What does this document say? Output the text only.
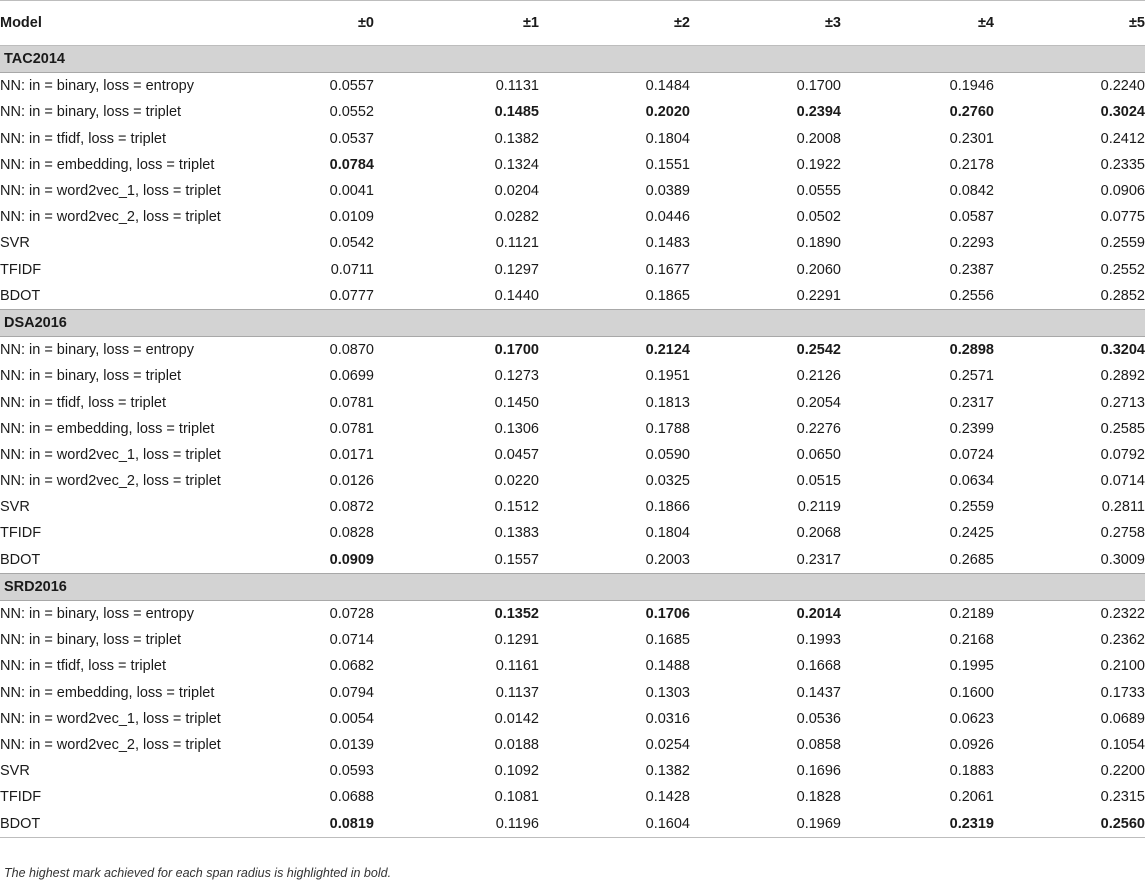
Model	±0	±1	±2	±3	±4	±5
TAC2014						
NN: in = binary, loss = entropy	0.0557	0.1131	0.1484	0.1700	0.1946	0.2240
NN: in = binary, loss = triplet	0.0552	0.1485	0.2020	0.2394	0.2760	0.3024
NN: in = tfidf, loss = triplet	0.0537	0.1382	0.1804	0.2008	0.2301	0.2412
NN: in = embedding, loss = triplet	0.0784	0.1324	0.1551	0.1922	0.2178	0.2335
NN: in = word2vec_1, loss = triplet	0.0041	0.0204	0.0389	0.0555	0.0842	0.0906
NN: in = word2vec_2, loss = triplet	0.0109	0.0282	0.0446	0.0502	0.0587	0.0775
SVR	0.0542	0.1121	0.1483	0.1890	0.2293	0.2559
TFIDF	0.0711	0.1297	0.1677	0.2060	0.2387	0.2552
BDOT	0.0777	0.1440	0.1865	0.2291	0.2556	0.2852
DSA2016						
NN: in = binary, loss = entropy	0.0870	0.1700	0.2124	0.2542	0.2898	0.3204
NN: in = binary, loss = triplet	0.0699	0.1273	0.1951	0.2126	0.2571	0.2892
NN: in = tfidf, loss = triplet	0.0781	0.1450	0.1813	0.2054	0.2317	0.2713
NN: in = embedding, loss = triplet	0.0781	0.1306	0.1788	0.2276	0.2399	0.2585
NN: in = word2vec_1, loss = triplet	0.0171	0.0457	0.0590	0.0650	0.0724	0.0792
NN: in = word2vec_2, loss = triplet	0.0126	0.0220	0.0325	0.0515	0.0634	0.0714
SVR	0.0872	0.1512	0.1866	0.2119	0.2559	0.2811
TFIDF	0.0828	0.1383	0.1804	0.2068	0.2425	0.2758
BDOT	0.0909	0.1557	0.2003	0.2317	0.2685	0.3009
SRD2016						
NN: in = binary, loss = entropy	0.0728	0.1352	0.1706	0.2014	0.2189	0.2322
NN: in = binary, loss = triplet	0.0714	0.1291	0.1685	0.1993	0.2168	0.2362
NN: in = tfidf, loss = triplet	0.0682	0.1161	0.1488	0.1668	0.1995	0.2100
NN: in = embedding, loss = triplet	0.0794	0.1137	0.1303	0.1437	0.1600	0.1733
NN: in = word2vec_1, loss = triplet	0.0054	0.0142	0.0316	0.0536	0.0623	0.0689
NN: in = word2vec_2, loss = triplet	0.0139	0.0188	0.0254	0.0858	0.0926	0.1054
SVR	0.0593	0.1092	0.1382	0.1696	0.1883	0.2200
TFIDF	0.0688	0.1081	0.1428	0.1828	0.2061	0.2315
BDOT	0.0819	0.1196	0.1604	0.1969	0.2319	0.2560
The highest mark achieved for each span radius is highlighted in bold.
